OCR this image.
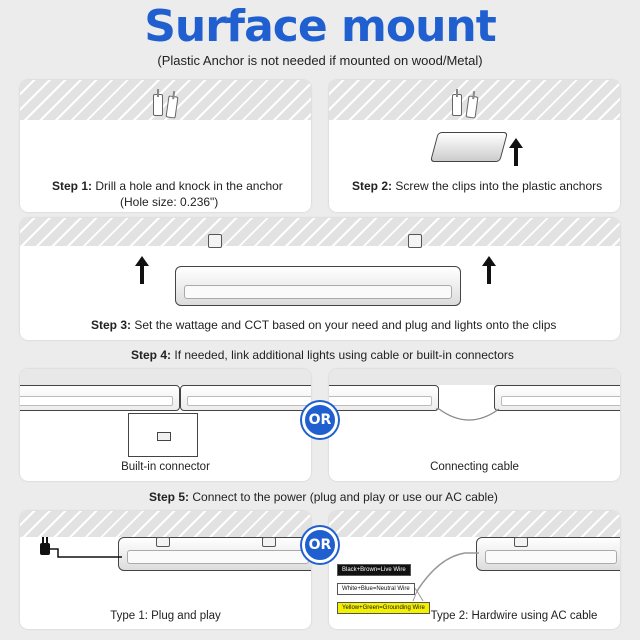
Surface mount
(Plastic Anchor is not needed if mounted on wood/Metal)
Step 1: Drill a hole and knock in the anchor
(Hole size: 0.236")
Step 2: Screw the clips into the plastic anchors
Step 3: Set the wattage and CCT based on your need and plug and lights onto the clips
Step 4: If needed, link additional lights using cable or built-in connectors
Built-in connector	Connecting cable
OR
Step 5: Connect to the power (plug and play or use our AC cable)
Type 1: Plug and play
Black+Brown=Live Wire
White+Blue=Neutral Wire
Yellow+Green=Grounding Wire
Type 2: Hardwire using AC cable
OR
